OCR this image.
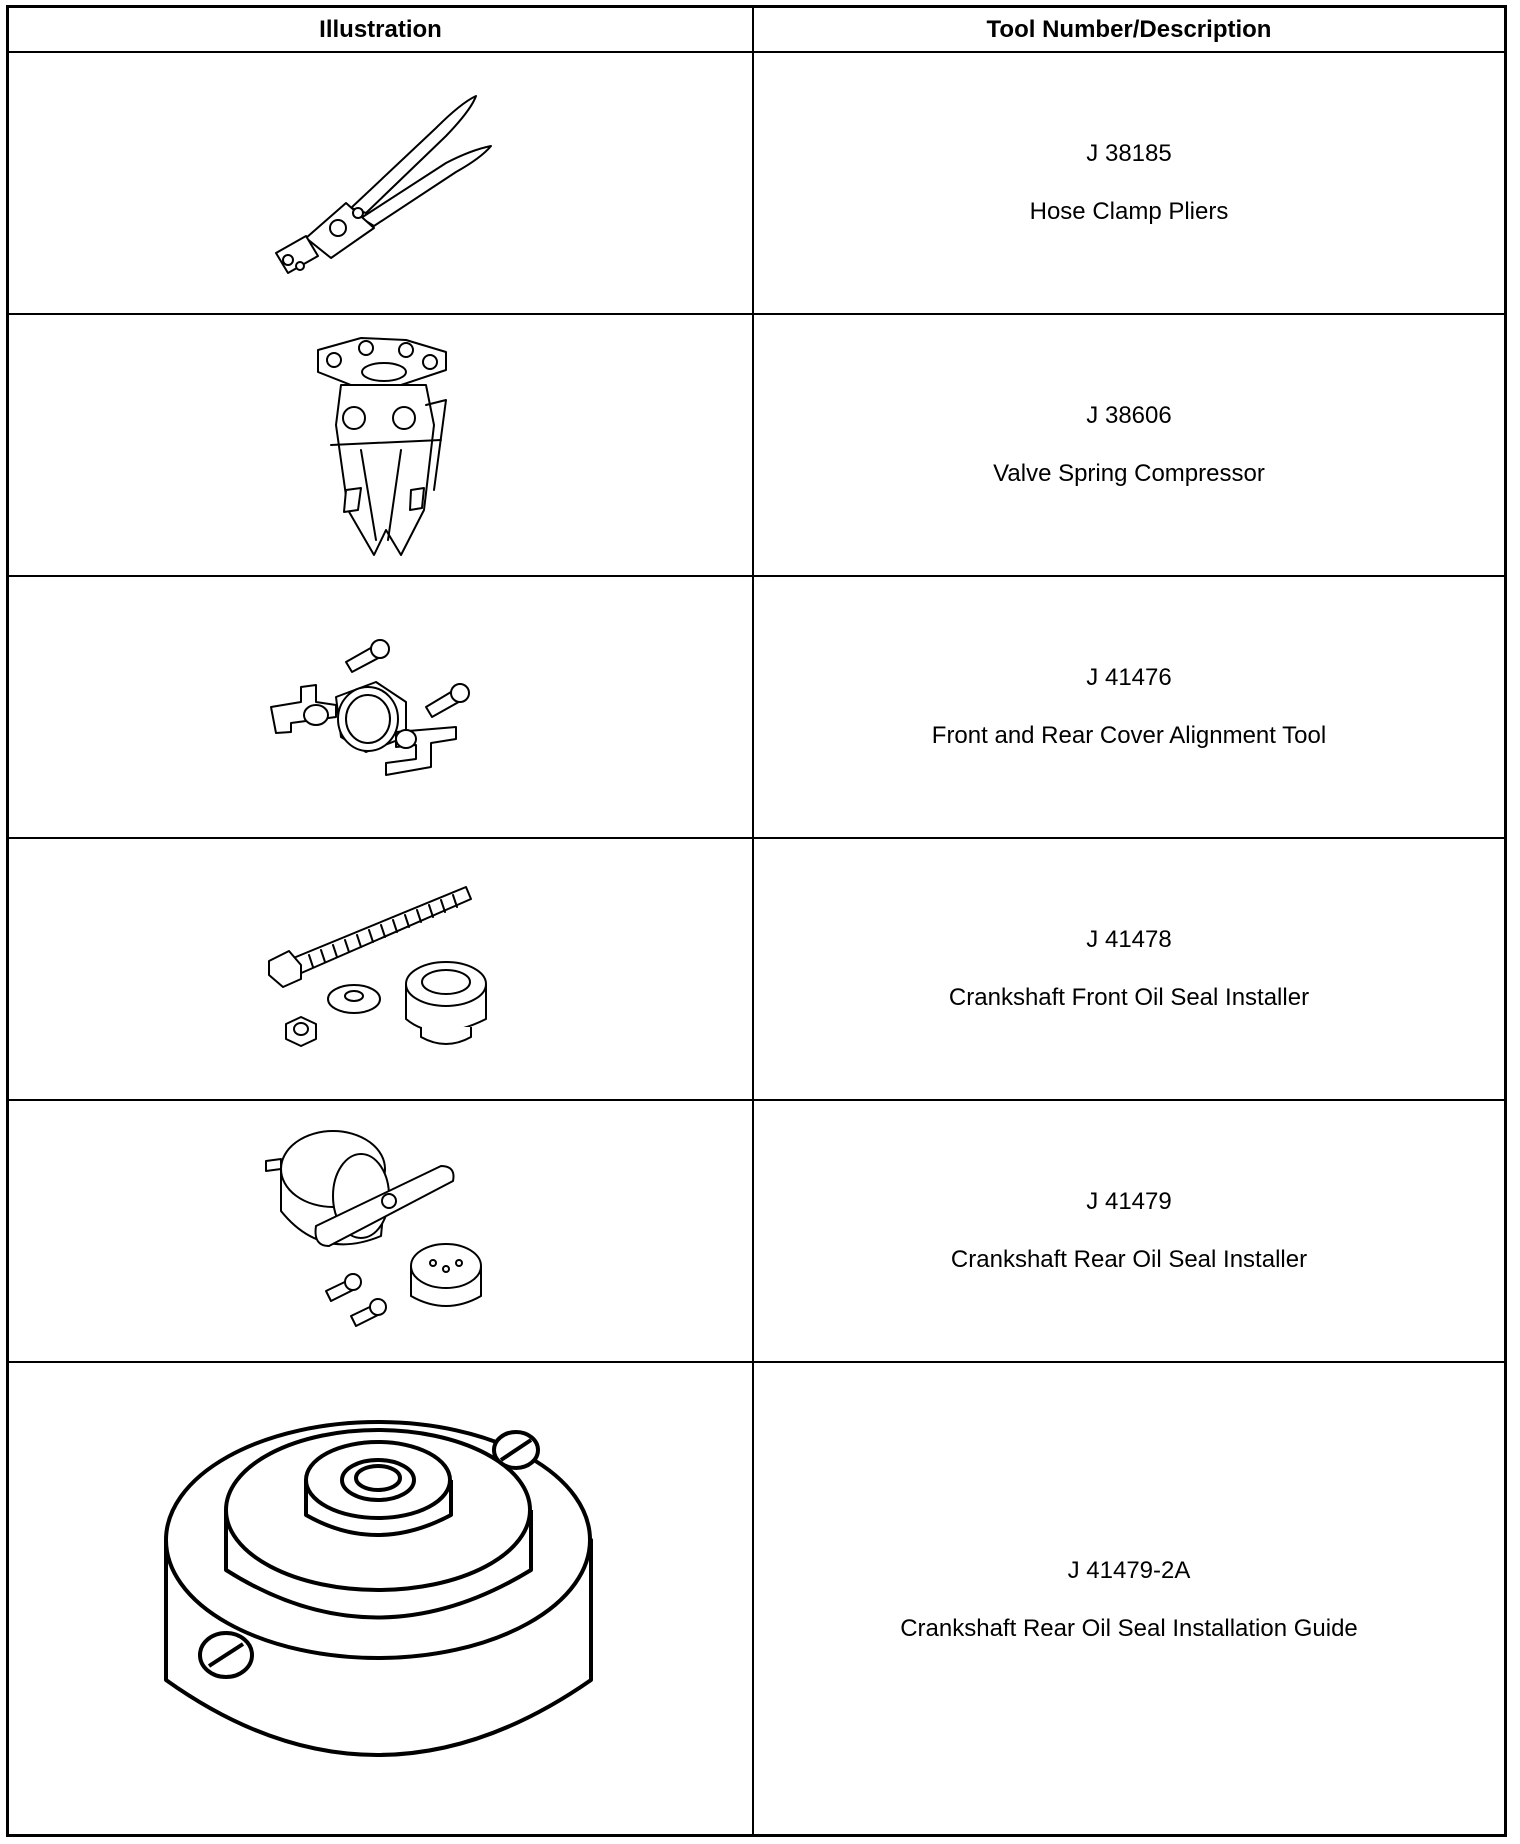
Illustration	Tool Number/Description
J 38185
Hose Clamp Pliers
J 38606
Valve Spring Compressor
J 41476
Front and Rear Cover Alignment Tool
J 41478
Crankshaft Front Oil Seal Installer
J 41479
Crankshaft Rear Oil Seal Installer
J 41479-2A
Crankshaft Rear Oil Seal Installation Guide
